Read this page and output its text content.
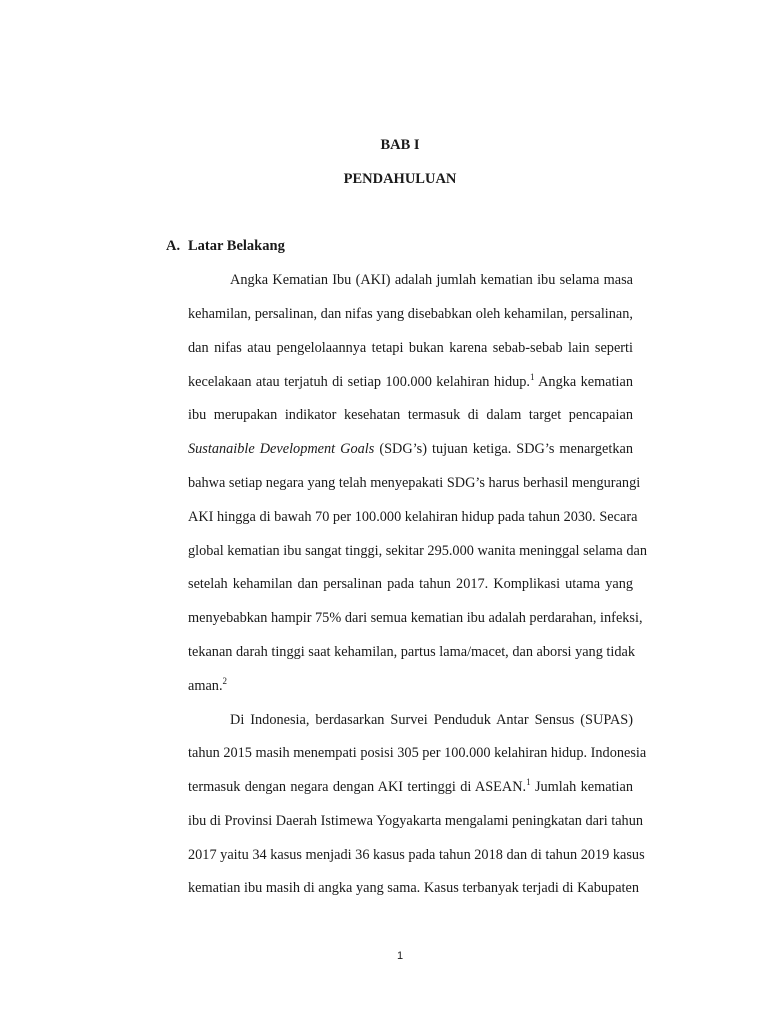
BAB I
PENDAHULUAN
A. Latar Belakang
Angka Kematian Ibu (AKI) adalah jumlah kematian ibu selama masa
kehamilan, persalinan, dan nifas yang disebabkan oleh kehamilan, persalinan,
dan nifas atau pengelolaannya tetapi bukan karena sebab-sebab lain seperti
kecelakaan atau terjatuh di setiap 100.000 kelahiran hidup.$^1$ Angka kematian
ibu merupakan indikator kesehatan termasuk di dalam target pencapaian
Sustanaible Development Goals (SDG’s) tujuan ketiga. SDG’s menargetkan
bahwa setiap negara yang telah menyepakati SDG’s harus berhasil mengurangi
AKI hingga di bawah 70 per 100.000 kelahiran hidup pada tahun 2030. Secara
global kematian ibu sangat tinggi, sekitar 295.000 wanita meninggal selama dan
setelah kehamilan dan persalinan pada tahun 2017. Komplikasi utama yang
menyebabkan hampir 75% dari semua kematian ibu adalah perdarahan, infeksi,
tekanan darah tinggi saat kehamilan, partus lama/macet, dan aborsi yang tidak
aman.$^2$
Di Indonesia, berdasarkan Survei Penduduk Antar Sensus (SUPAS)
tahun 2015 masih menempati posisi 305 per 100.000 kelahiran hidup. Indonesia
termasuk dengan negara dengan AKI tertinggi di ASEAN.$^1$ Jumlah kematian
ibu di Provinsi Daerah Istimewa Yogyakarta mengalami peningkatan dari tahun
2017 yaitu 34 kasus menjadi 36 kasus pada tahun 2018 dan di tahun 2019 kasus
kematian ibu masih di angka yang sama. Kasus terbanyak terjadi di Kabupaten
1
